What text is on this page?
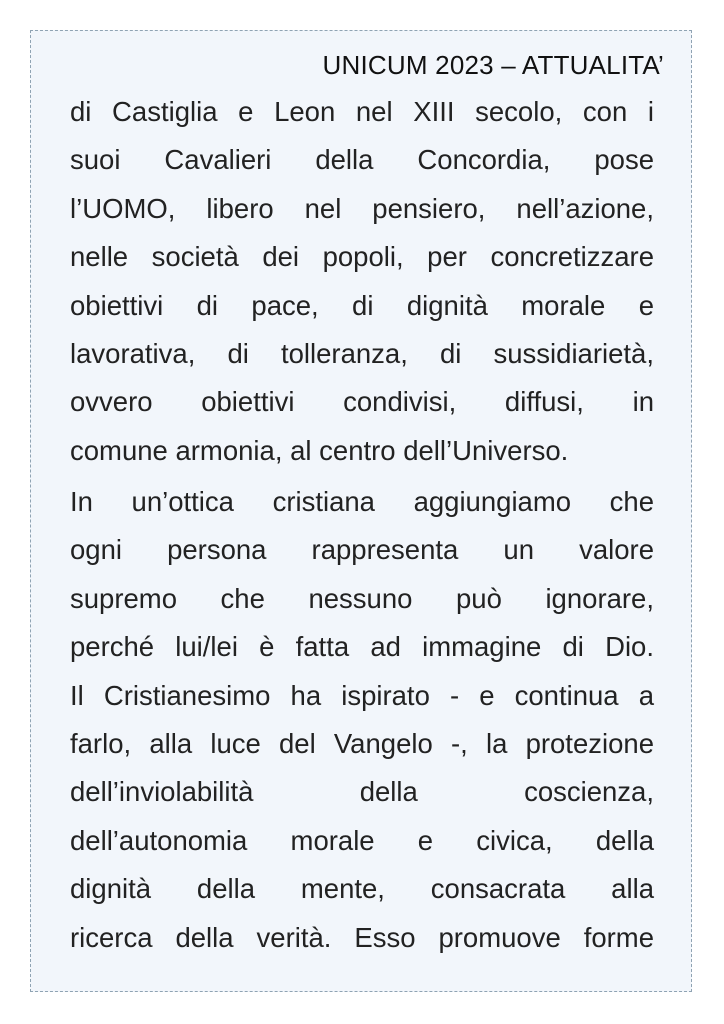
UNICUM 2023 – ATTUALITA’
di Castiglia e Leon nel XIII secolo, con i
suoi Cavalieri della Concordia, pose
l’UOMO, libero nel pensiero, nell’azione,
nelle società dei popoli, per concretizzare
obiettivi di pace, di dignità morale e
lavorativa, di tolleranza, di sussidiarietà,
ovvero obiettivi condivisi, diffusi, in
comune armonia, al centro dell’Universo.
In un’ottica cristiana aggiungiamo che
ogni persona rappresenta un valore
supremo che nessuno può ignorare,
perché lui/lei è fatta ad immagine di Dio.
Il Cristianesimo ha ispirato - e continua a
farlo, alla luce del Vangelo -, la protezione
dell’inviolabilità della coscienza,
dell’autonomia morale e civica, della
dignità della mente, consacrata alla
ricerca della verità. Esso promuove forme
